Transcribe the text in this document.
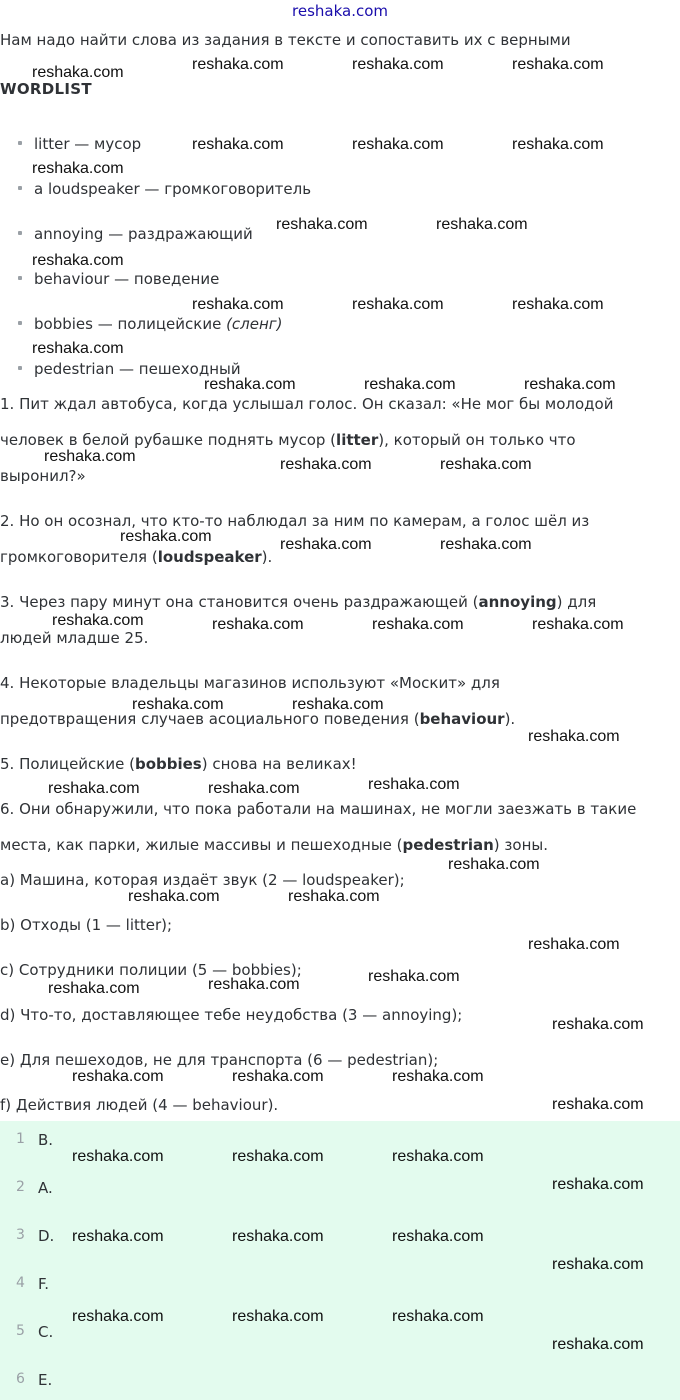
reshaka.com
Нам надо найти слова из задания в тексте и сопоставить их с верными
WORDLIST
litter — мусор
a loudspeaker — громкоговоритель
annoying — раздражающий
behaviour — поведение
bobbies — полицейские (сленг)
pedestrian — пешеходный
1. Пит ждал автобуса, когда услышал голос. Он сказал: «Не мог бы молодой
человек в белой рубашке поднять мусор (litter), который он только что
выронил?»
2. Но он осознал, что кто-то наблюдал за ним по камерам, а голос шёл из
громкоговорителя (loudspeaker).
3. Через пару минут она становится очень раздражающей (annoying) для
людей младше 25.
4. Некоторые владельцы магазинов используют «Москит» для
предотвращения случаев асоциального поведения (behaviour).
5. Полицейские (bobbies) снова на великах!
6. Они обнаружили, что пока работали на машинах, не могли заезжать в такие
места, как парки, жилые массивы и пешеходные (pedestrian) зоны.
a) Машина, которая издаёт звук (2 — loudspeaker);
b) Отходы (1 — litter);
c) Сотрудники полиции (5 — bobbies);
d) Что-то, доставляющее тебе неудобства (3 — annoying);
e) Для пешеходов, не для транспорта (6 — pedestrian);
f) Действия людей (4 — behaviour).
1 B.
2 A.
3 D.
4 F.
5 C.
6 E.
reshaka.com	reshaka.com	reshaka.com	reshaka.com
reshaka.com	reshaka.com	reshaka.com
reshaka.com
reshaka.com	reshaka.com
reshaka.com
reshaka.com	reshaka.com	reshaka.com
reshaka.com
reshaka.com	reshaka.com	reshaka.com
reshaka.com	reshaka.com	reshaka.com
reshaka.com	reshaka.com	reshaka.com
reshaka.com	reshaka.com	reshaka.com	reshaka.com
reshaka.com	reshaka.com
reshaka.com
reshaka.com	reshaka.com	reshaka.com
reshaka.com
reshaka.com	reshaka.com
reshaka.com
reshaka.com	reshaka.com
reshaka.com
reshaka.com
reshaka.com	reshaka.com	reshaka.com
reshaka.com
reshaka.com	reshaka.com	reshaka.com
reshaka.com
reshaka.com	reshaka.com	reshaka.com
reshaka.com
reshaka.com	reshaka.com	reshaka.com
reshaka.com
